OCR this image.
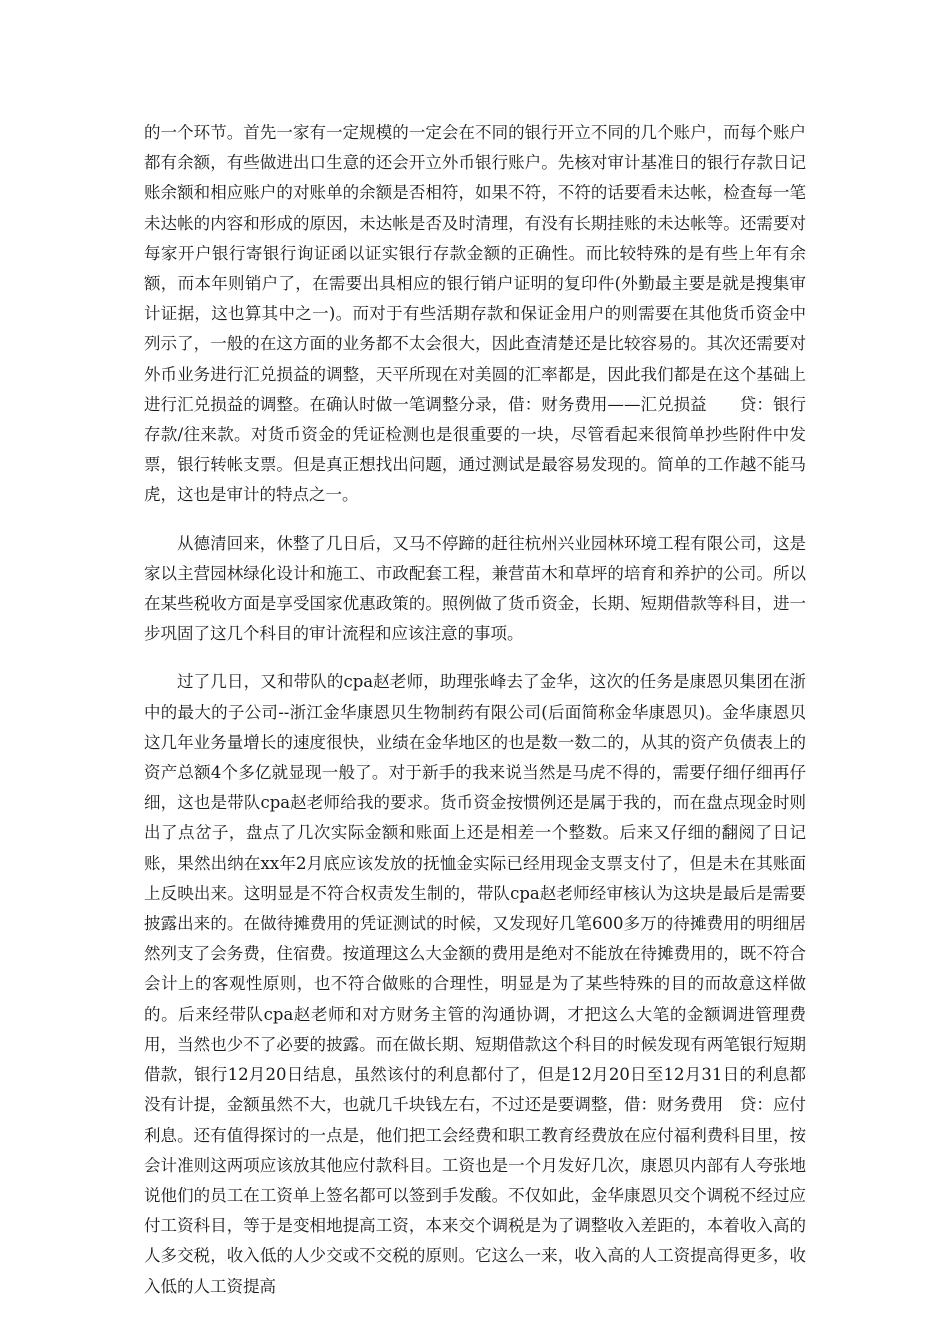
的一个环节。首先一家有一定规模的一定会在不同的银行开立不同的几个账户，而每个账户都有余额，有些做进出口生意的还会开立外币银行账户。先核对审计基准日的银行存款日记账余额和相应账户的对账单的余额是否相符，如果不符，不符的话要看未达帐，检查每一笔未达帐的内容和形成的原因，未达帐是否及时清理，有没有长期挂账的未达帐等。还需要对每家开户银行寄银行询证函以证实银行存款金额的正确性。而比较特殊的是有些上年有余额，而本年则销户了，在需要出具相应的银行销户证明的复印件(外勤最主要是就是搜集审计证据，这也算其中之一)。而对于有些活期存款和保证金用户的则需要在其他货币资金中列示了，一般的在这方面的业务都不太会很大，因此查清楚还是比较容易的。其次还需要对外币业务进行汇兑损益的调整，天平所现在对美圆的汇率都是，因此我们都是在这个基础上进行汇兑损益的调整。在确认时做一笔调整分录，借：财务费用——汇兑损益　　贷：银行存款/往来款。对货币资金的凭证检测也是很重要的一块，尽管看起来很简单抄些附件中发票，银行转帐支票。但是真正想找出问题，通过测试是最容易发现的。简单的工作越不能马虎，这也是审计的特点之一。

从德清回来，休整了几日后，又马不停蹄的赶往杭州兴业园林环境工程有限公司，这是家以主营园林绿化设计和施工、市政配套工程，兼营苗木和草坪的培育和养护的公司。所以在某些税收方面是享受国家优惠政策的。照例做了货币资金，长期、短期借款等科目，进一步巩固了这几个科目的审计流程和应该注意的事项。

过了几日，又和带队的cpa赵老师，助理张峰去了金华，这次的任务是康恩贝集团在浙中的最大的子公司--浙江金华康恩贝生物制药有限公司(后面简称金华康恩贝)。金华康恩贝这几年业务量增长的速度很快，业绩在金华地区的也是数一数二的，从其的资产负债表上的资产总额4个多亿就显现一般了。对于新手的我来说当然是马虎不得的，需要仔细仔细再仔细，这也是带队cpa赵老师给我的要求。货币资金按惯例还是属于我的，而在盘点现金时则出了点岔子，盘点了几次实际金额和账面上还是相差一个整数。后来又仔细的翻阅了日记账，果然出纳在xx年2月底应该发放的抚恤金实际已经用现金支票支付了，但是未在其账面上反映出来。这明显是不符合权责发生制的，带队cpa赵老师经审核认为这块是最后是需要披露出来的。在做待摊费用的凭证测试的时候，又发现好几笔600多万的待摊费用的明细居然列支了会务费，住宿费。按道理这么大金额的费用是绝对不能放在待摊费用的，既不符合会计上的客观性原则，也不符合做账的合理性，明显是为了某些特殊的目的而故意这样做的。后来经带队cpa赵老师和对方财务主管的沟通协调，才把这么大笔的金额调进管理费用，当然也少不了必要的披露。而在做长期、短期借款这个科目的时候发现有两笔银行短期借款，银行12月20日结息，虽然该付的利息都付了，但是12月20日至12月31日的利息都没有计提，金额虽然不大，也就几千块钱左右，不过还是要调整，借：财务费用　贷：应付利息。还有值得探讨的一点是，他们把工会经费和职工教育经费放在应付福利费科目里，按会计准则这两项应该放其他应付款科目。工资也是一个月发好几次，康恩贝内部有人夸张地说他们的员工在工资单上签名都可以签到手发酸。不仅如此，金华康恩贝交个调税不经过应付工资科目，等于是变相地提高工资，本来交个调税是为了调整收入差距的，本着收入高的人多交税，收入低的人少交或不交税的原则。它这么一来，收入高的人工资提高得更多，收入低的人工资提高
